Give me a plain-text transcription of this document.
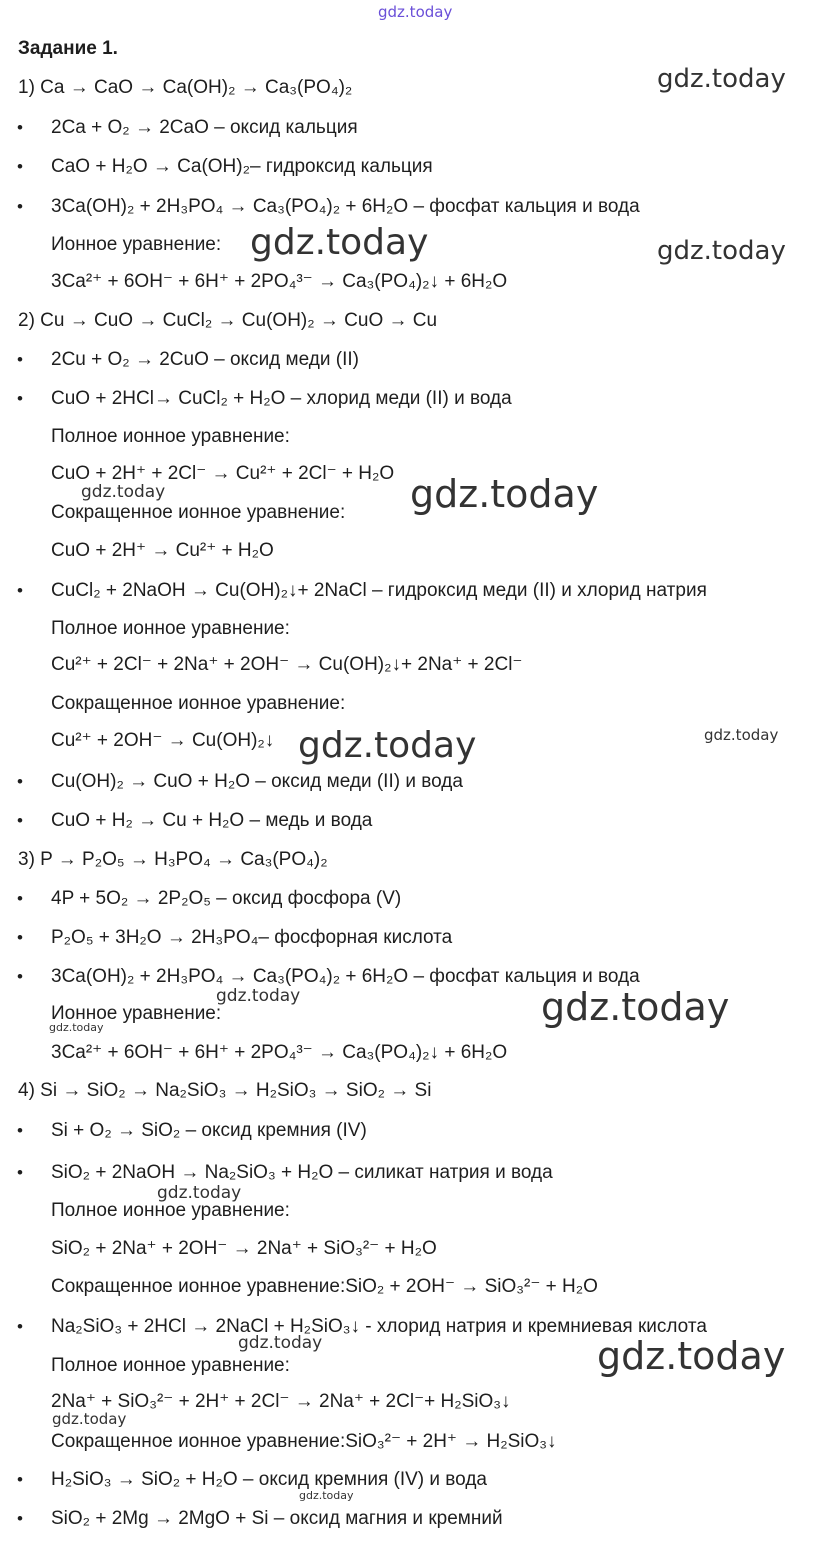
gdz.today
Задание 1.
1) Ca → CaO → Ca(OH)₂ → Ca₃(PO₄)₂
• 2Ca + O₂ → 2CaO – оксид кальция
• CaO + H₂O → Ca(OH)₂– гидроксид кальция
• 3Ca(OH)₂ + 2H₃PO₄ → Ca₃(PO₄)₂ + 6H₂O – фосфат кальция и вода
Ионное уравнение:
3Ca²⁺ + 6OH⁻ + 6H⁺ + 2PO₄³⁻ → Ca₃(PO₄)₂↓ + 6H₂O
2) Cu → CuO → CuCl₂ → Cu(OH)₂ → CuO → Cu
• 2Cu + O₂ → 2CuO – оксид меди (II)
• CuO + 2HCl→ CuCl₂ + H₂O – хлорид меди (II) и вода
Полное ионное уравнение:
CuO + 2H⁺ + 2Cl⁻ → Cu²⁺ + 2Cl⁻ + H₂O
Сокращенное ионное уравнение:
CuO + 2H⁺ → Cu²⁺ + H₂O
• CuCl₂ + 2NaOH → Cu(OH)₂↓+ 2NaCl – гидроксид меди (II) и хлорид натрия
Полное ионное уравнение:
Cu²⁺ + 2Cl⁻ + 2Na⁺ + 2OH⁻ → Cu(OH)₂↓+ 2Na⁺ + 2Cl⁻
Сокращенное ионное уравнение:
Cu²⁺ + 2OH⁻ → Cu(OH)₂↓
• Cu(OH)₂ → CuO + H₂O – оксид меди (II) и вода
• CuO + H₂ → Cu + H₂O – медь и вода
3) P → P₂O₅ → H₃PO₄ → Ca₃(PO₄)₂
• 4P + 5O₂ → 2P₂O₅ – оксид фосфора (V)
• P₂O₅ + 3H₂O → 2H₃PO₄– фосфорная кислота
• 3Ca(OH)₂ + 2H₃PO₄ → Ca₃(PO₄)₂ + 6H₂O – фосфат кальция и вода
Ионное уравнение:
3Ca²⁺ + 6OH⁻ + 6H⁺ + 2PO₄³⁻ → Ca₃(PO₄)₂↓ + 6H₂O
4) Si → SiO₂ → Na₂SiO₃ → H₂SiO₃ → SiO₂ → Si
• Si + O₂ → SiO₂ – оксид кремния (IV)
• SiO₂ + 2NaOH → Na₂SiO₃ + H₂O – силикат натрия и вода
Полное ионное уравнение:
SiO₂ + 2Na⁺ + 2OH⁻ → 2Na⁺ + SiO₃²⁻ + H₂O
Сокращенное ионное уравнение:SiO₂ + 2OH⁻ → SiO₃²⁻ + H₂O
• Na₂SiO₃ + 2HCl → 2NaCl + H₂SiO₃↓ - хлорид натрия и кремниевая кислота
Полное ионное уравнение:
2Na⁺ + SiO₃²⁻ + 2H⁺ + 2Cl⁻ → 2Na⁺ + 2Cl⁻+ H₂SiO₃↓
Сокращенное ионное уравнение:SiO₃²⁻ + 2H⁺ → H₂SiO₃↓
• H₂SiO₃ → SiO₂ + H₂O – оксид кремния (IV) и вода
• SiO₂ + 2Mg → 2MgO + Si – оксид магния и кремний
gdz.today
gdz.today	gdz.today
gdz.today	gdz.today
gdz.today	gdz.today
gdz.today	gdz.today
gdz.today
gdz.today
gdz.today	gdz.today
gdz.today
gdz.today
